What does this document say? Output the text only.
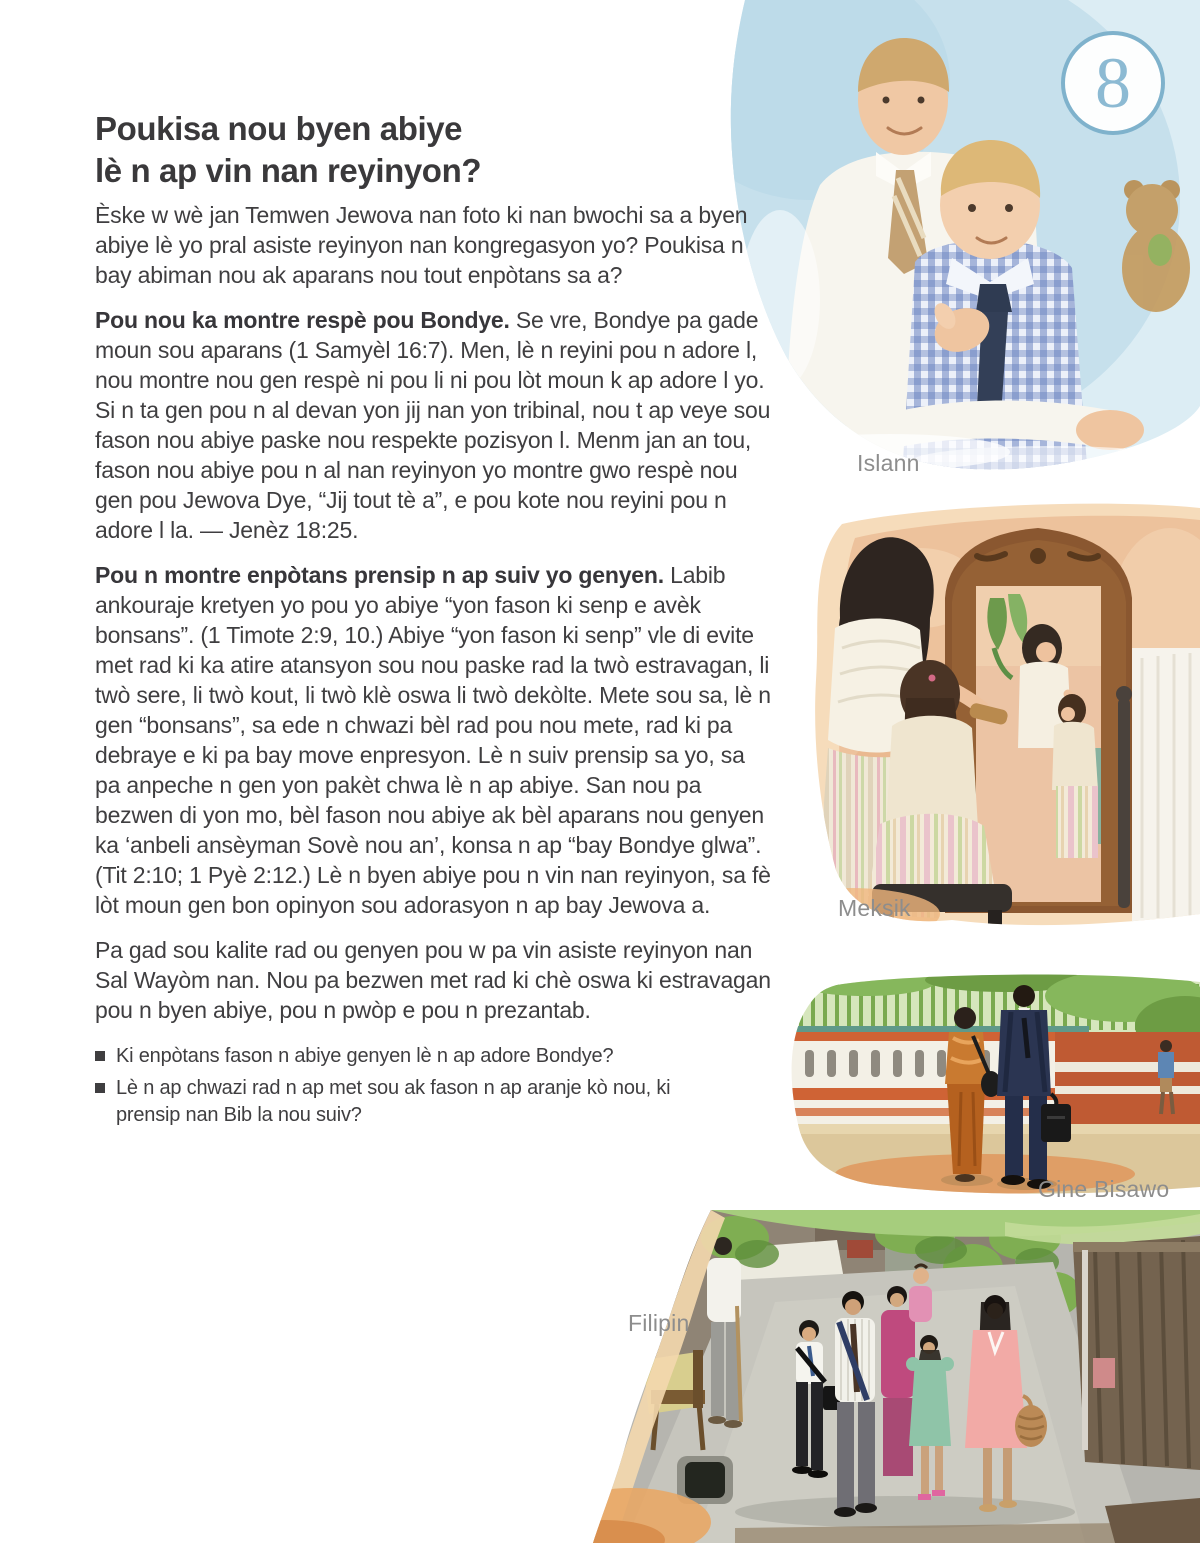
8
Poukisa nou byen abiye
lè n ap vin nan reyinyon?

Èske w wè jan Temwen Jewova nan foto ki nan bwochi sa a byen abiye lè yo pral asiste reyinyon nan kongregasyon yo? Poukisa n bay abiman nou ak aparans nou tout enpòtans sa a?

Pou nou ka montre respè pou Bondye. Se vre, Bondye pa gade moun sou aparans (1 Samyèl 16:7). Men, lè n reyini pou n adore l, nou montre nou gen respè ni pou li ni pou lòt moun k ap adore l yo. Si n ta gen pou n al devan yon jij nan yon tribinal, nou t ap veye sou fason nou abiye paske nou respekte pozisyon l. Menm jan an tou, fason nou abiye pou n al nan reyinyon yo montre gwo respè nou gen pou Jewova Dye, “Jij tout tè a”, e pou kote nou reyini pou n adore l la. — Jenèz 18:25.

Pou n montre enpòtans prensip n ap suiv yo genyen. Labib ankouraje kretyen yo pou yo abiye “yon fason ki senp e avèk bonsans”. (1 Timote 2:9, 10.) Abiye “yon fason ki senp” vle di evite met rad ki ka atire atansyon sou nou paske rad la twò estravagan, li twò sere, li twò kout, li twò klè oswa li twò dekòlte. Mete sou sa, lè n gen “bonsans”, sa ede n chwazi bèl rad pou nou mete, rad ki pa debraye e ki pa bay move enpresyon. Lè n suiv prensip sa yo, sa pa anpeche n gen yon pakèt chwa lè n ap abiye. San nou pa bezwen di yon mo, bèl fason nou abiye ak bèl aparans nou genyen ka ‘anbeli ansèyman Sovè nou an’, konsa n ap “bay Bondye glwa”. (Tit 2:10; 1 Pyè 2:12.) Lè n byen abiye pou n vin nan reyinyon, sa fè lòt moun gen bon opinyon sou adorasyon n ap bay Jewova a.

Pa gad sou kalite rad ou genyen pou w pa vin asiste reyinyon nan Sal Wayòm nan. Nou pa bezwen met rad ki chè oswa ki estravagan pou n byen abiye, pou n pwòp e pou n prezantab.

Ki enpòtans fason n abiye genyen lè n ap adore Bondye?
Lè n ap chwazi rad n ap met sou ak fason n ap aranje kò nou, ki prensip nan Bib la nou suiv?
Islann
Meksik
Gine Bisawo
Filipin
